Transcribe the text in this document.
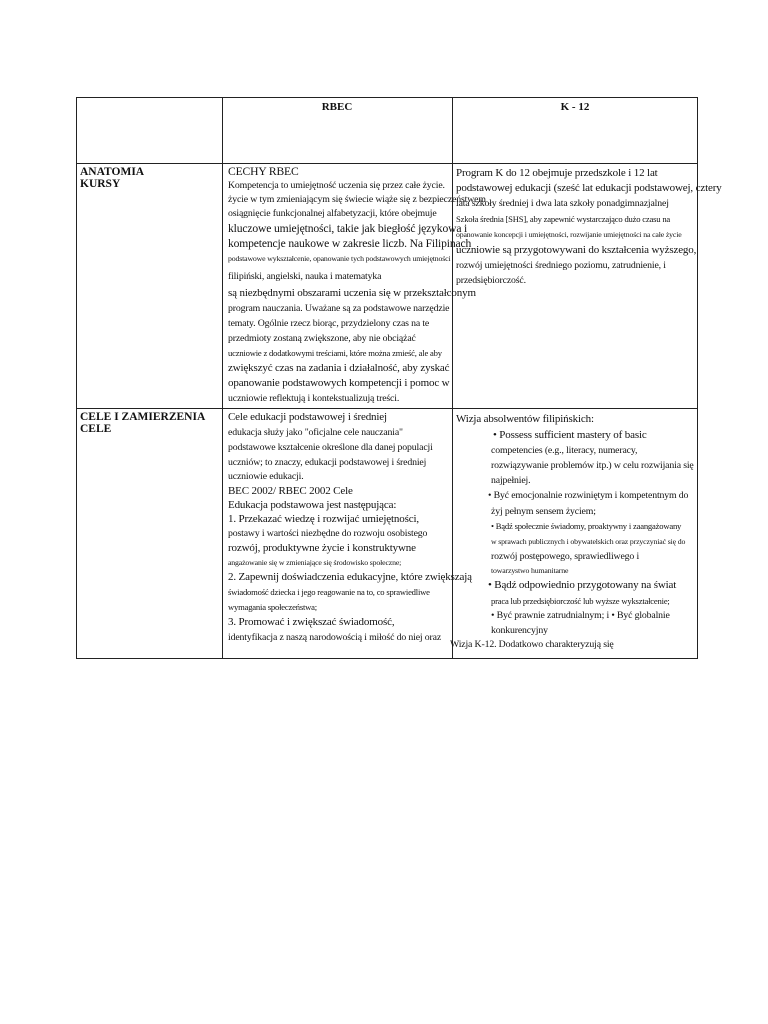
RBEC	K - 12
ANATOMIA
KURSY
CECHY RBEC
Kompetencja to umiejętność uczenia się przez całe życie.
życie w tym zmieniającym się świecie wiąże się z bezpieczeństwem
osiągnięcie funkcjonalnej alfabetyzacji, które obejmuje
kluczowe umiejętności, takie jak biegłość językowa i
kompetencje naukowe w zakresie liczb. Na Filipinach
podstawowe wykształcenie, opanowanie tych podstawowych umiejętności
filipiński, angielski, nauka i matematyka
są niezbędnymi obszarami uczenia się w przekształconym
program nauczania. Uważane są za podstawowe narzędzie
tematy. Ogólnie rzecz biorąc, przydzielony czas na te
przedmioty zostaną zwiększone, aby nie obciążać
uczniowie z dodatkowymi treściami, które można zmieść, ale aby
zwiększyć czas na zadania i działalność, aby zyskać
opanowanie podstawowych kompetencji i pomoc w
uczniowie reflektują i kontekstualizują treści.
Program K do 12 obejmuje przedszkole i 12 lat
podstawowej edukacji (sześć lat edukacji podstawowej, cztery
lata szkoły średniej i dwa lata szkoły ponadgimnazjalnej
Szkoła średnia [SHS], aby zapewnić wystarczająco dużo czasu na
opanowanie koncepcji i umiejętności, rozwijanie umiejętności na całe życie
uczniowie są przygotowywani do kształcenia wyższego,
rozwój umiejętności średniego poziomu, zatrudnienie, i
przedsiębiorczość.
CELE I ZAMIERZENIA
CELE
Cele edukacji podstawowej i średniej
edukacja służy jako "oficjalne cele nauczania"
podstawowe kształcenie określone dla danej populacji
uczniów; to znaczy, edukacji podstawowej i średniej
uczniowie edukacji.
BEC 2002/ RBEC 2002 Cele
Edukacja podstawowa jest następująca:
1. Przekazać wiedzę i rozwijać umiejętności,
postawy i wartości niezbędne do rozwoju osobistego
rozwój, produktywne życie i konstruktywne
angażowanie się w zmieniające się środowisko społeczne;
2. Zapewnij doświadczenia edukacyjne, które zwiększają
świadomość dziecka i jego reagowanie na to, co sprawiedliwe
wymagania społeczeństwa;
3. Promować i zwiększać świadomość,
identyfikacja z naszą narodowością i miłość do niej oraz
Wizja absolwentów filipińskich:
• Possess sufficient mastery of basic
competencies (e.g., literacy, numeracy,
rozwiązywanie problemów itp.) w celu rozwijania się
najpełniej.
• Być emocjonalnie rozwiniętym i kompetentnym do
żyj pełnym sensem życiem;
• Bądź społecznie świadomy, proaktywny i zaangażowany
w sprawach publicznych i obywatelskich oraz przyczyniać się do
rozwój postępowego, sprawiedliwego i
towarzystwo humanitarne
• Bądź odpowiednio przygotowany na świat
praca lub przedsiębiorczość lub wyższe wykształcenie;
• Być prawnie zatrudnialnym; i • Być globalnie
konkurencyjny
Wizja K-12. Dodatkowo charakteryzują się
